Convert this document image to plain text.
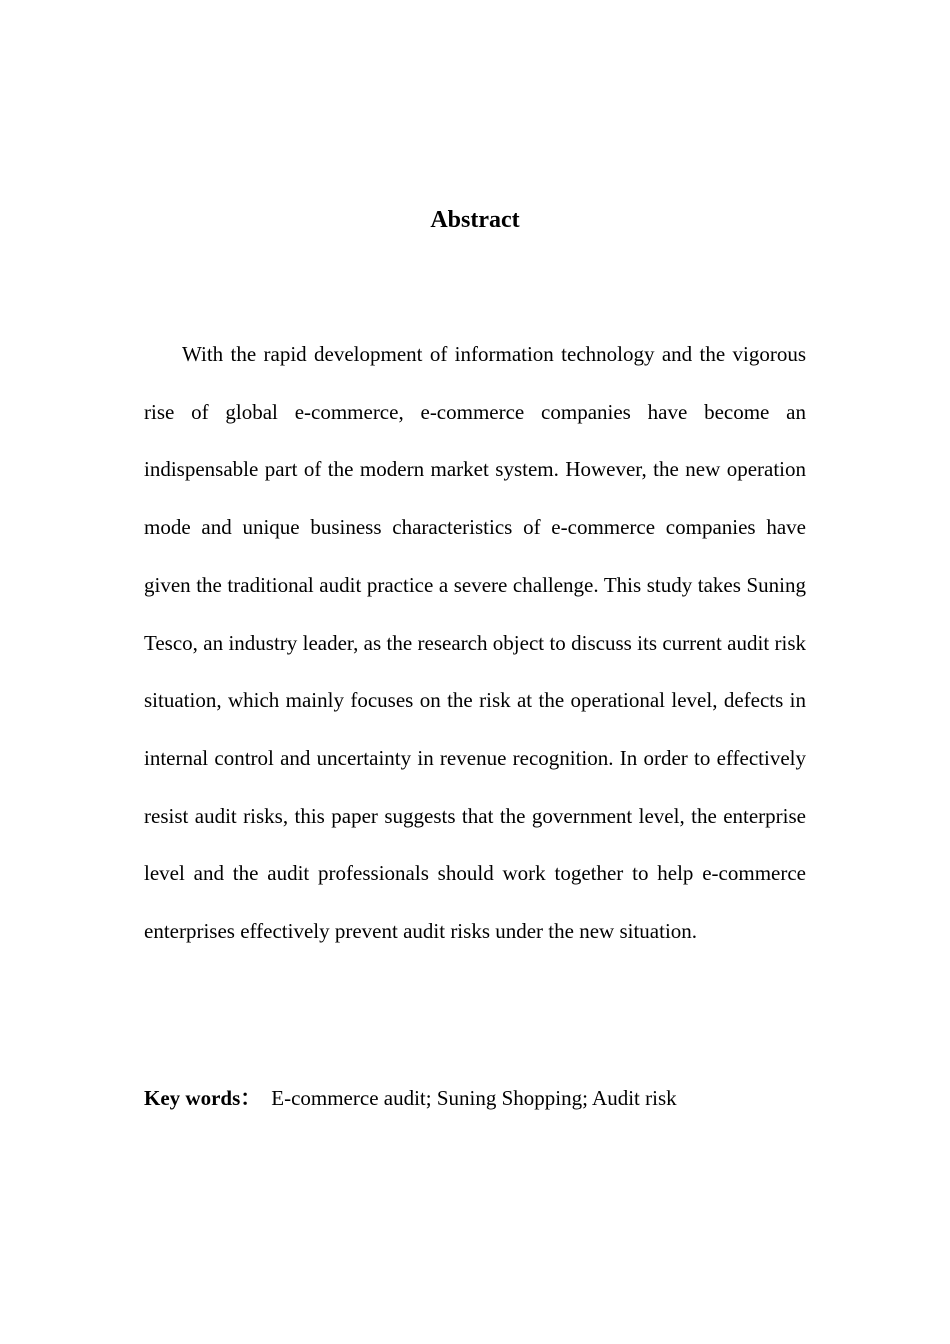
Abstract

With the rapid development of information technology and the vigorous rise of global e-commerce, e-commerce companies have become an indispensable part of the modern market system. However, the new operation mode and unique business characteristics of e-commerce companies have given the traditional audit practice a severe challenge. This study takes Suning Tesco, an industry leader, as the research object to discuss its current audit risk situation, which mainly focuses on the risk at the operational level, defects in internal control and uncertainty in revenue recognition. In order to effectively resist audit risks, this paper suggests that the government level, the enterprise level and the audit professionals should work together to help e-commerce enterprises effectively prevent audit risks under the new situation.

Key words： E-commerce audit; Suning Shopping; Audit risk
